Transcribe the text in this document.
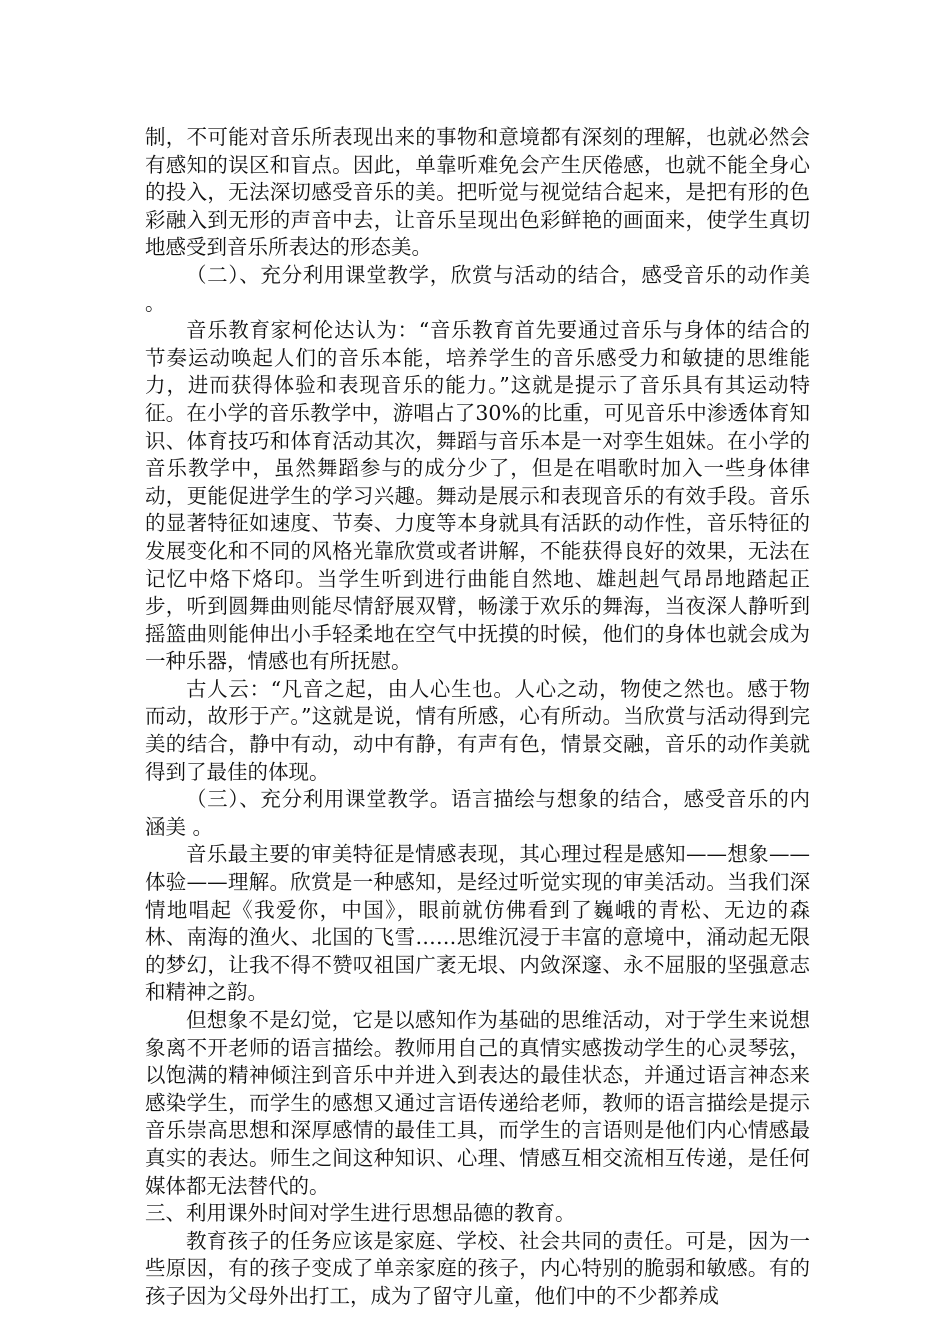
制，不可能对音乐所表现出来的事物和意境都有深刻的理解，也就必然会有感知的误区和盲点。因此，单靠听难免会产生厌倦感，也就不能全身心的投入，无法深切感受音乐的美。把听觉与视觉结合起来，是把有形的色彩融入到无形的声音中去，让音乐呈现出色彩鲜艳的画面来，使学生真切地感受到音乐所表达的形态美。

（二）、充分利用课堂教学，欣赏与活动的结合，感受音乐的动作美 。

音乐教育家柯伦达认为：“音乐教育首先要通过音乐与身体的结合的节奏运动唤起人们的音乐本能，培养学生的音乐感受力和敏捷的思维能力，进而获得体验和表现音乐的能力。”这就是提示了音乐具有其运动特征。在小学的音乐教学中，游唱占了30%的比重，可见音乐中渗透体育知识、体育技巧和体育活动其次，舞蹈与音乐本是一对孪生姐妹。在小学的音乐教学中，虽然舞蹈参与的成分少了，但是在唱歌时加入一些身体律动，更能促进学生的学习兴趣。舞动是展示和表现音乐的有效手段。音乐的显著特征如速度、节奏、力度等本身就具有活跃的动作性，音乐特征的发展变化和不同的风格光靠欣赏或者讲解，不能获得良好的效果，无法在记忆中烙下烙印。当学生听到进行曲能自然地、雄赳赳气昂昂地踏起正步，听到圆舞曲则能尽情舒展双臂，畅漾于欢乐的舞海，当夜深人静听到摇篮曲则能伸出小手轻柔地在空气中抚摸的时候，他们的身体也就会成为一种乐器，情感也有所抚慰。

古人云：“凡音之起，由人心生也。人心之动，物使之然也。感于物而动，故形于产。”这就是说，情有所感，心有所动。当欣赏与活动得到完美的结合，静中有动，动中有静，有声有色，情景交融，音乐的动作美就得到了最佳的体现。

（三）、充分利用课堂教学。语言描绘与想象的结合，感受音乐的内涵美 。

音乐最主要的审美特征是情感表现，其心理过程是感知——想象——体验——理解。欣赏是一种感知，是经过听觉实现的审美活动。当我们深情地唱起《我爱你，中国》，眼前就仿佛看到了巍峨的青松、无边的森林、南海的渔火、北国的飞雪……思维沉浸于丰富的意境中，涌动起无限的梦幻，让我不得不赞叹祖国广袤无垠、内敛深邃、永不屈服的坚强意志和精神之韵。

但想象不是幻觉，它是以感知作为基础的思维活动，对于学生来说想象离不开老师的语言描绘。教师用自己的真情实感拨动学生的心灵琴弦，以饱满的精神倾注到音乐中并进入到表达的最佳状态，并通过语言神态来感染学生，而学生的感想又通过言语传递给老师，教师的语言描绘是提示音乐崇高思想和深厚感情的最佳工具，而学生的言语则是他们内心情感最真实的表达。师生之间这种知识、心理、情感互相交流相互传递，是任何媒体都无法替代的。

三、利用课外时间对学生进行思想品德的教育。

教育孩子的任务应该是家庭、学校、社会共同的责任。可是，因为一些原因，有的孩子变成了单亲家庭的孩子，内心特别的脆弱和敏感。有的孩子因为父母外出打工，成为了留守儿童，他们中的不少都养成
